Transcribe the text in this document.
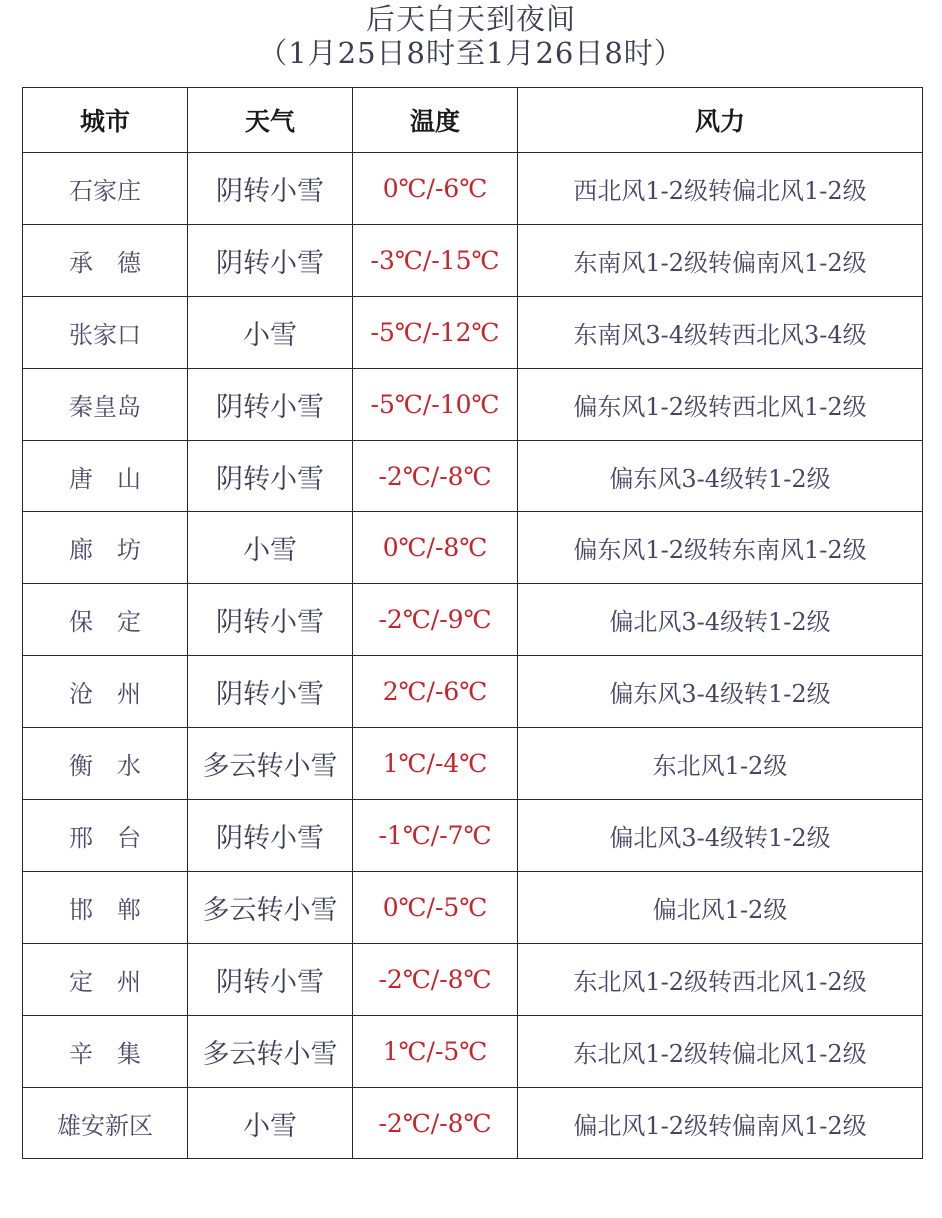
后天白天到夜间
（1月25日8时至1月26日8时）
城市	天气	温度	风力
石家庄	阴转小雪	0℃/-6℃	西北风1-2级转偏北风1-2级
承　德	阴转小雪	-3℃/-15℃	东南风1-2级转偏南风1-2级
张家口	小雪	-5℃/-12℃	东南风3-4级转西北风3-4级
秦皇岛	阴转小雪	-5℃/-10℃	偏东风1-2级转西北风1-2级
唐　山	阴转小雪	-2℃/-8℃	偏东风3-4级转1-2级
廊　坊	小雪	0℃/-8℃	偏东风1-2级转东南风1-2级
保　定	阴转小雪	-2℃/-9℃	偏北风3-4级转1-2级
沧　州	阴转小雪	2℃/-6℃	偏东风3-4级转1-2级
衡　水	多云转小雪	1℃/-4℃	东北风1-2级
邢　台	阴转小雪	-1℃/-7℃	偏北风3-4级转1-2级
邯　郸	多云转小雪	0℃/-5℃	偏北风1-2级
定　州	阴转小雪	-2℃/-8℃	东北风1-2级转西北风1-2级
辛　集	多云转小雪	1℃/-5℃	东北风1-2级转偏北风1-2级
雄安新区	小雪	-2℃/-8℃	偏北风1-2级转偏南风1-2级
